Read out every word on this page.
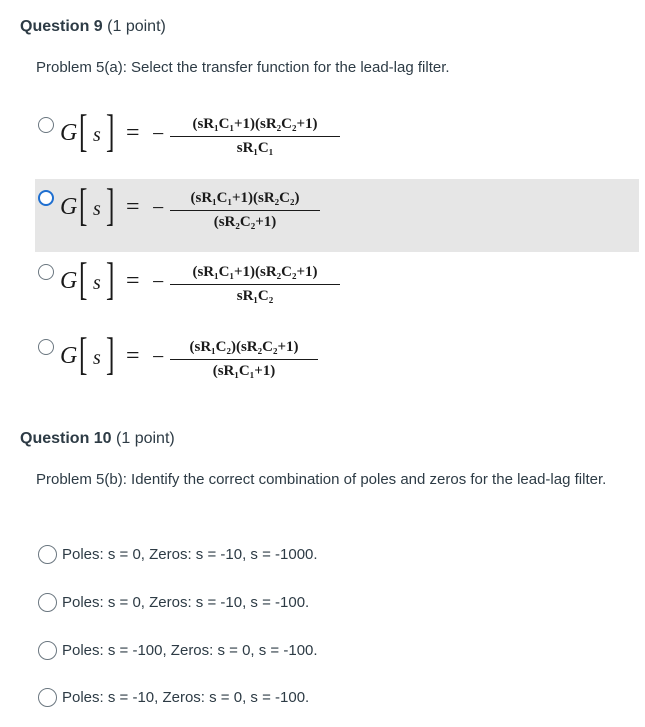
Question 9 (1 point)
Problem 5(a): Select the transfer function for the lead-lag filter.
G [ s ] = −	(sR₁C₁+1)(sR₂C₂+1)
sR₁C₁
G [ s ] = −	(sR₁C₁+1)(sR₂C₂)
(sR₂C₂+1)
G [ s ] = −	(sR₁C₁+1)(sR₂C₂+1)
sR₁C₂
G [ s ] = −	(sR₁C₂)(sR₂C₂+1)
(sR₁C₁+1)
Question 10 (1 point)
Problem 5(b): Identify the correct combination of poles and zeros for the lead-lag filter.
Poles: s = 0, Zeros: s = -10, s = -1000.
Poles: s = 0, Zeros: s = -10, s = -100.
Poles: s = -100, Zeros: s = 0, s = -100.
Poles: s = -10, Zeros: s = 0, s = -100.
